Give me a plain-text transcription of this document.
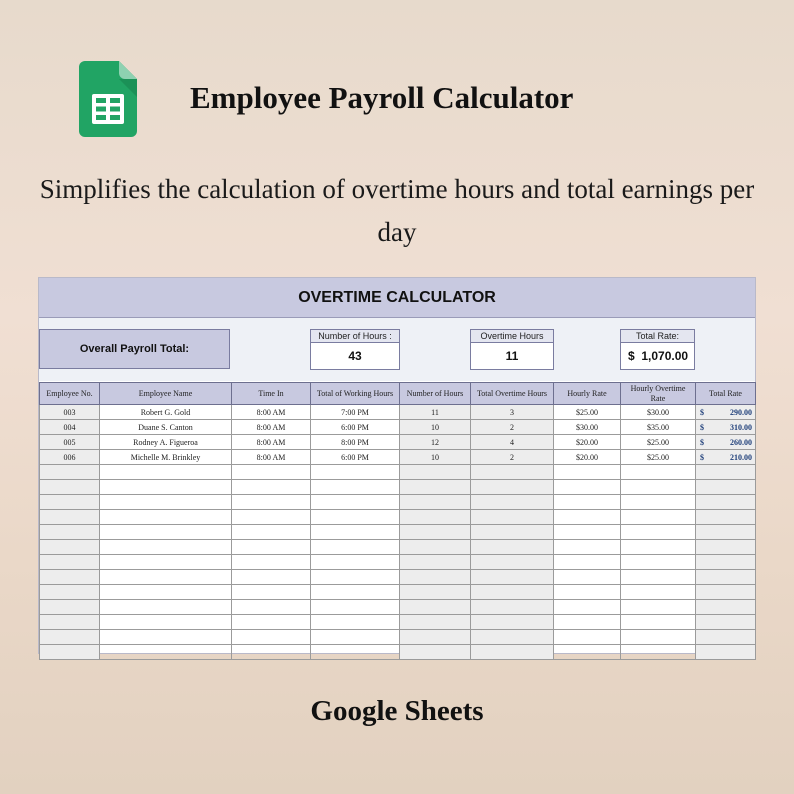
Employee Payroll Calculator
Simplifies the calculation of overtime hours and total earnings per day
OVERTIME CALCULATOR
Overall Payroll Total:
Number of Hours :
43
Overtime Hours
11
Total Rate:
$  1,070.00
Employee No.	Employee Name	Time In	Total of Working Hours	Number of Hours	Total Overtime Hours	Hourly Rate	Hourly Overtime Rate	Total Rate
003	Robert G. Gold	8:00 AM	7:00 PM	11	3	$25.00	$30.00	$ 290.00
004	Duane S. Canton	8:00 AM	6:00 PM	10	2	$30.00	$35.00	$ 310.00
005	Rodney A. Figueroa	8:00 AM	8:00 PM	12	4	$20.00	$25.00	$ 260.00
006	Michelle M. Brinkley	8:00 AM	6:00 PM	10	2	$20.00	$25.00	$ 210.00

Google Sheets
